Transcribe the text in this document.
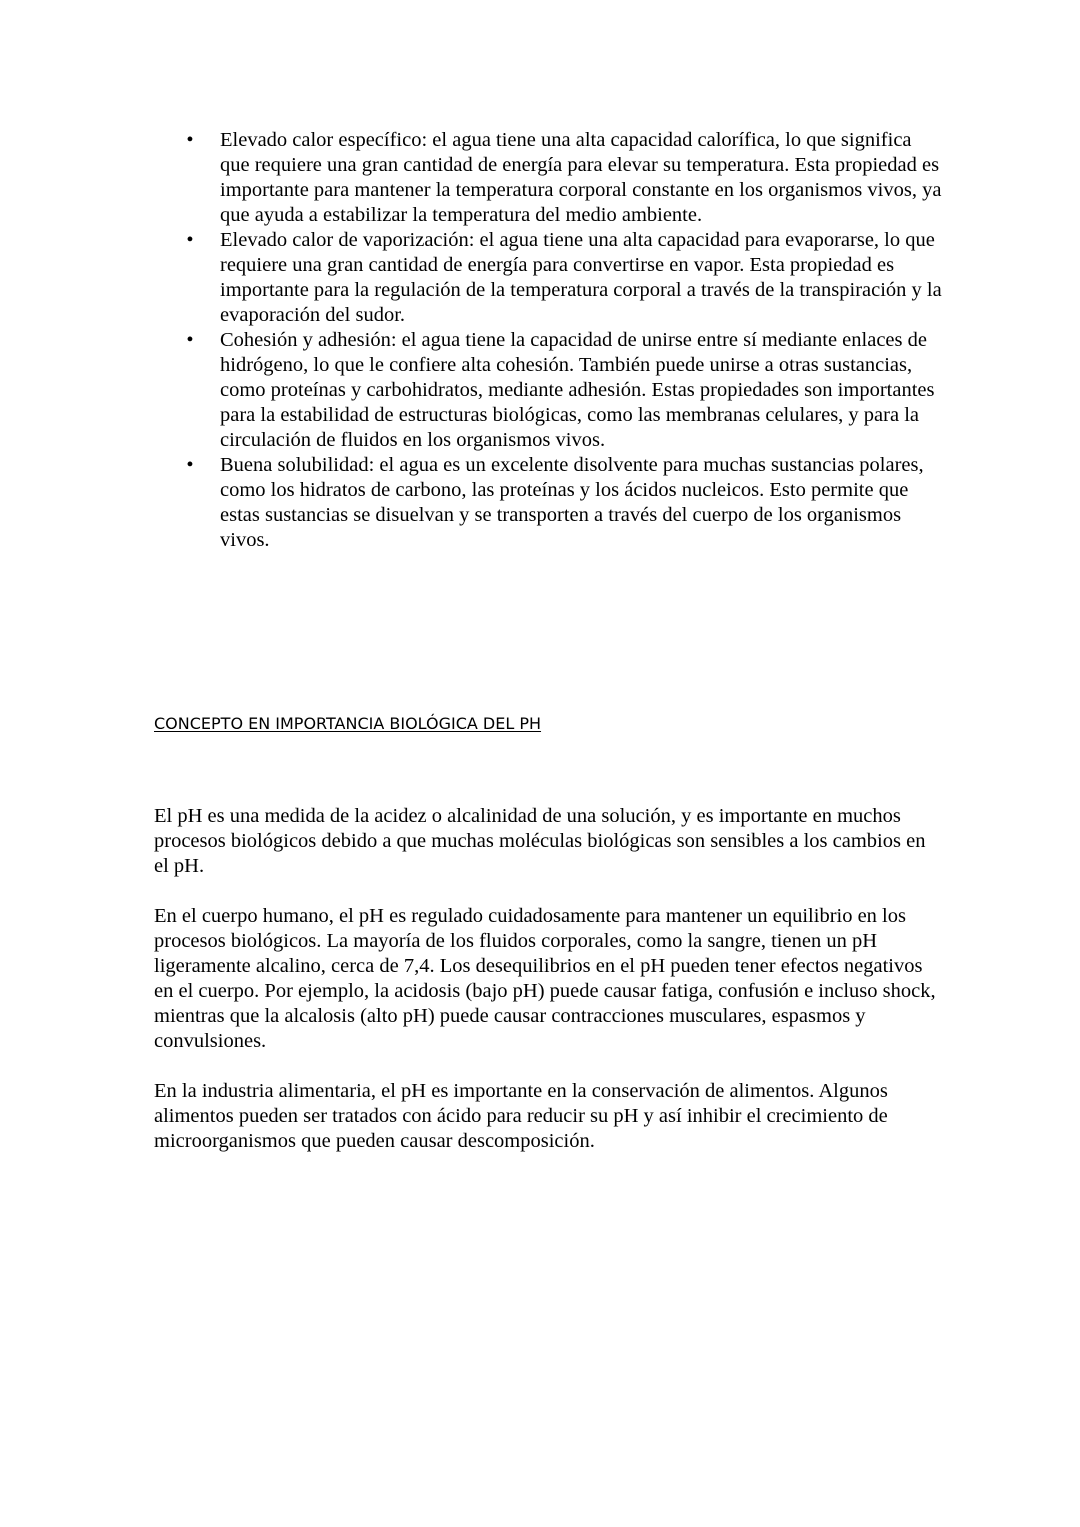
• Elevado calor específico: el agua tiene una alta capacidad calorífica, lo que significa que requiere una gran cantidad de energía para elevar su temperatura. Esta propiedad es importante para mantener la temperatura corporal constante en los organismos vivos, ya que ayuda a estabilizar la temperatura del medio ambiente.
• Elevado calor de vaporización: el agua tiene una alta capacidad para evaporarse, lo que requiere una gran cantidad de energía para convertirse en vapor. Esta propiedad es importante para la regulación de la temperatura corporal a través de la transpiración y la evaporación del sudor.
• Cohesión y adhesión: el agua tiene la capacidad de unirse entre sí mediante enlaces de hidrógeno, lo que le confiere alta cohesión. También puede unirse a otras sustancias, como proteínas y carbohidratos, mediante adhesión. Estas propiedades son importantes para la estabilidad de estructuras biológicas, como las membranas celulares, y para la circulación de fluidos en los organismos vivos.
• Buena solubilidad: el agua es un excelente disolvente para muchas sustancias polares, como los hidratos de carbono, las proteínas y los ácidos nucleicos. Esto permite que estas sustancias se disuelvan y se transporten a través del cuerpo de los organismos vivos.
CONCEPTO EN IMPORTANCIA BIOLÓGICA DEL PH

El pH es una medida de la acidez o alcalinidad de una solución, y es importante en muchos procesos biológicos debido a que muchas moléculas biológicas son sensibles a los cambios en el pH.

En el cuerpo humano, el pH es regulado cuidadosamente para mantener un equilibrio en los procesos biológicos. La mayoría de los fluidos corporales, como la sangre, tienen un pH ligeramente alcalino, cerca de 7,4. Los desequilibrios en el pH pueden tener efectos negativos en el cuerpo. Por ejemplo, la acidosis (bajo pH) puede causar fatiga, confusión e incluso shock, mientras que la alcalosis (alto pH) puede causar contracciones musculares, espasmos y convulsiones.

En la industria alimentaria, el pH es importante en la conservación de alimentos. Algunos alimentos pueden ser tratados con ácido para reducir su pH y así inhibir el crecimiento de microorganismos que pueden causar descomposición.
